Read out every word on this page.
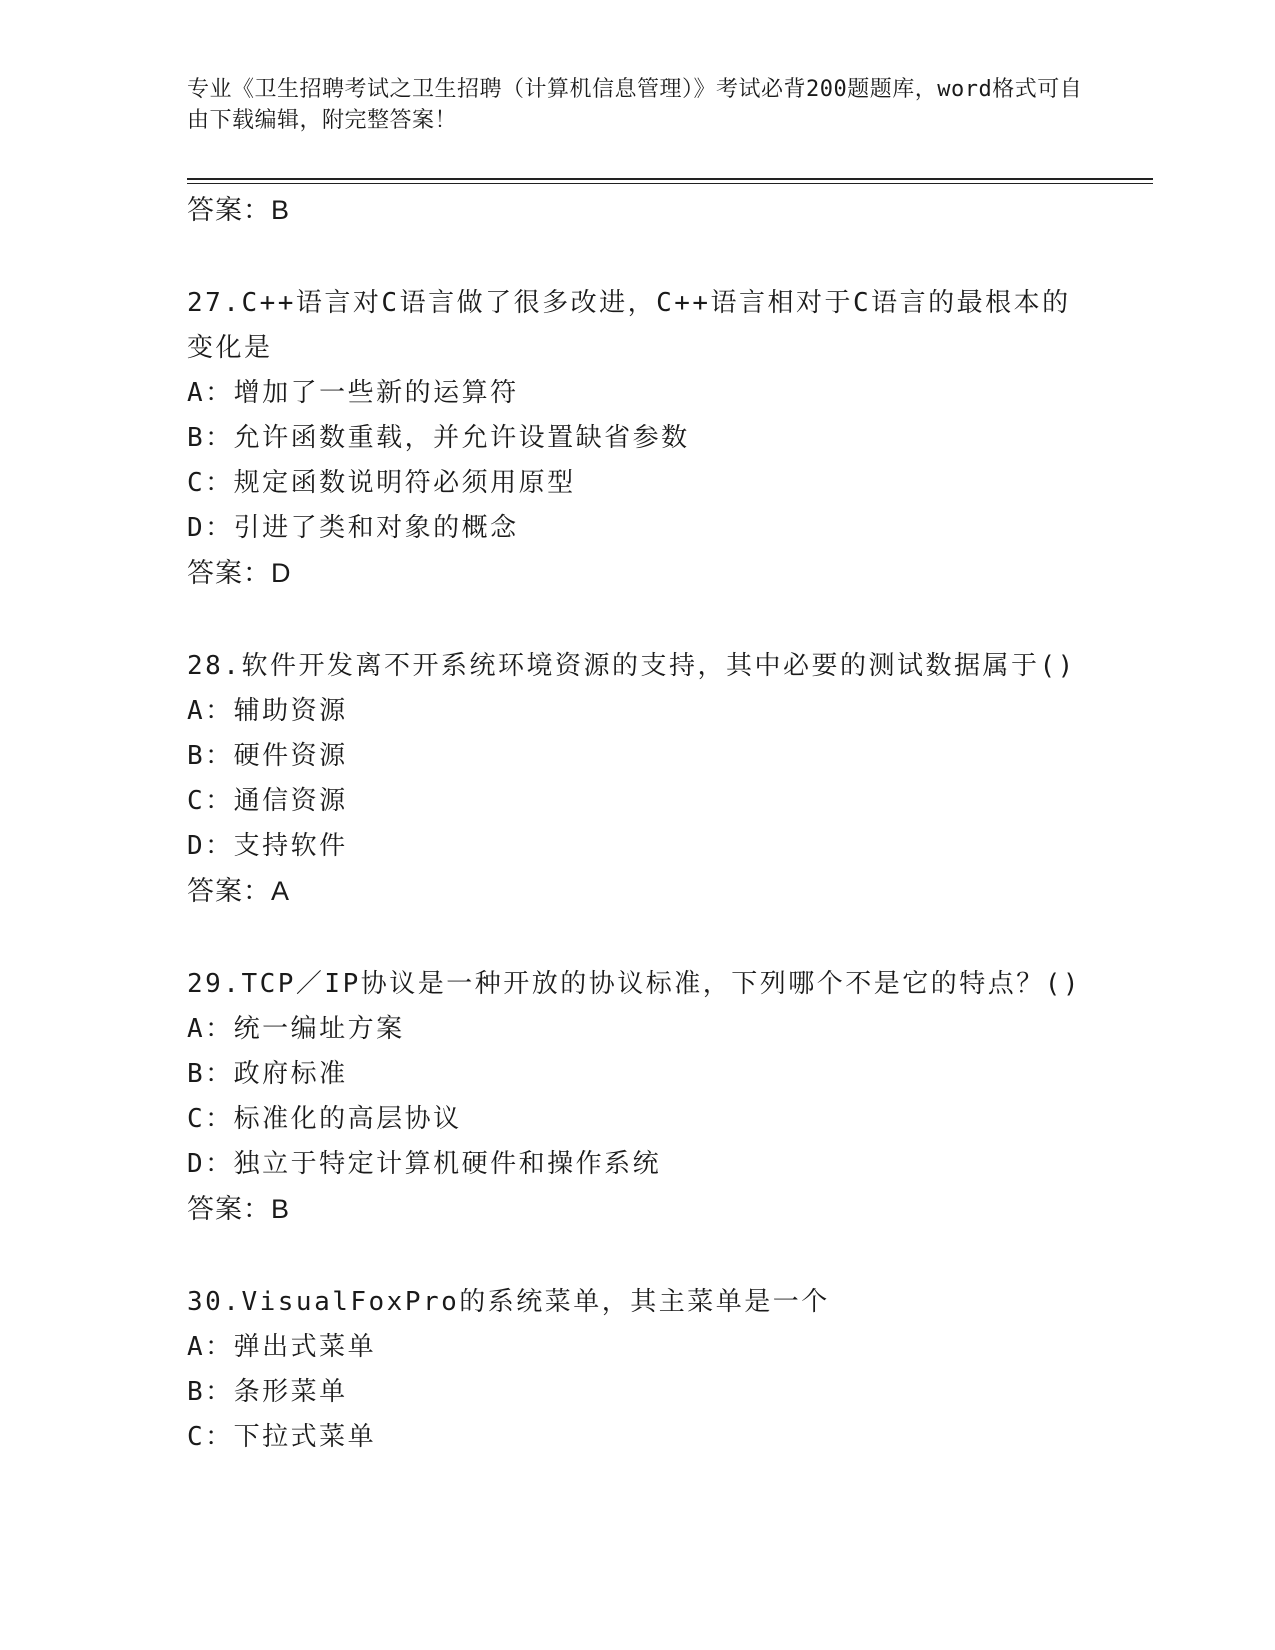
专业《卫生招聘考试之卫生招聘（计算机信息管理）》考试必背200题题库，word格式可自由下载编辑，附完整答案！
答案：B
27.C++语言对C语言做了很多改进，C++语言相对于C语言的最根本的变化是
A：增加了一些新的运算符
B：允许函数重载，并允许设置缺省参数
C：规定函数说明符必须用原型
D：引进了类和对象的概念
答案：D
28.软件开发离不开系统环境资源的支持，其中必要的测试数据属于()
A：辅助资源
B：硬件资源
C：通信资源
D：支持软件
答案：A
29.TCP／IP协议是一种开放的协议标准，下列哪个不是它的特点？()
A：统一编址方案
B：政府标准
C：标准化的高层协议
D：独立于特定计算机硬件和操作系统
答案：B
30.VisualFoxPro的系统菜单，其主菜单是一个
A：弹出式菜单
B：条形菜单
C：下拉式菜单
